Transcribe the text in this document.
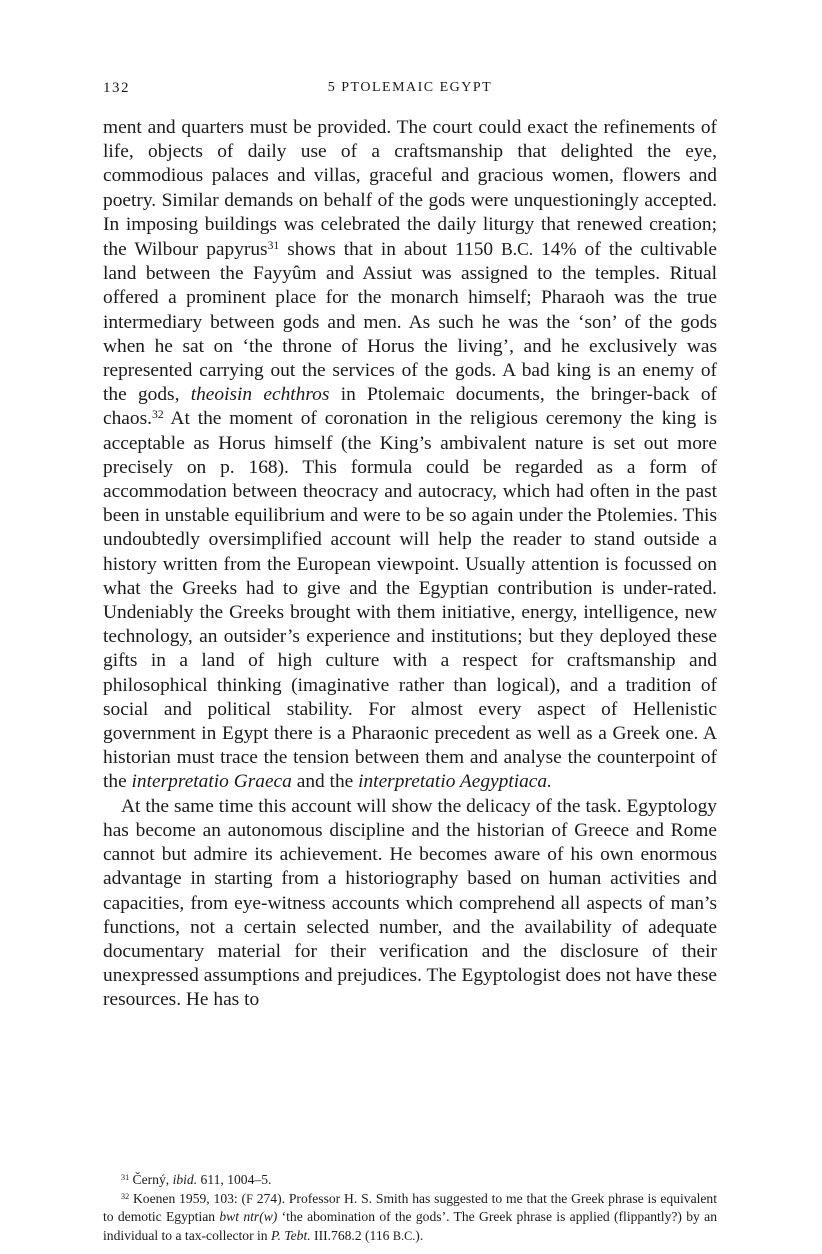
132	5 PTOLEMAIC EGYPT

ment and quarters must be provided. The court could exact the refinements of life, objects of daily use of a craftsmanship that delighted the eye, commodious palaces and villas, graceful and gracious women, flowers and poetry. Similar demands on behalf of the gods were unquestioningly accepted. In imposing buildings was celebrated the daily liturgy that renewed creation; the Wilbour papyrus$^{31}$ shows that in about 1150 B.C. 14% of the cultivable land between the Fayyûm and Assiut was assigned to the temples. Ritual offered a prominent place for the monarch himself; Pharaoh was the true intermediary between gods and men. As such he was the ‘son’ of the gods when he sat on ‘the throne of Horus the living’, and he exclusively was represented carrying out the services of the gods. A bad king is an enemy of the gods, theoisin echthros in Ptolemaic documents, the bringer-back of chaos.$^{32}$ At the moment of coronation in the religious ceremony the king is acceptable as Horus himself (the King’s ambivalent nature is set out more precisely on p. 168). This formula could be regarded as a form of accommodation between theocracy and autocracy, which had often in the past been in unstable equilibrium and were to be so again under the Ptolemies. This undoubtedly oversimplified account will help the reader to stand outside a history written from the European viewpoint. Usually attention is focussed on what the Greeks had to give and the Egyptian contribution is under-rated. Undeniably the Greeks brought with them initiative, energy, intelligence, new technology, an outsider’s experience and institutions; but they deployed these gifts in a land of high culture with a respect for craftsmanship and philosophical thinking (imaginative rather than logical), and a tradition of social and political stability. For almost every aspect of Hellenistic government in Egypt there is a Pharaonic precedent as well as a Greek one. A historian must trace the tension between them and analyse the counterpoint of the interpretatio Graeca and the interpretatio Aegyptiaca.

At the same time this account will show the delicacy of the task. Egyptology has become an autonomous discipline and the historian of Greece and Rome cannot but admire its achievement. He becomes aware of his own enormous advantage in starting from a historiography based on human activities and capacities, from eye-witness accounts which comprehend all aspects of man’s functions, not a certain selected number, and the availability of adequate documentary material for their verification and the disclosure of their unexpressed assumptions and prejudices. The Egyptologist does not have these resources. He has to

$^{31}$ Černý, ibid. 611, 1004–5.

$^{32}$ Koenen 1959, 103: (F 274). Professor H. S. Smith has suggested to me that the Greek phrase is equivalent to demotic Egyptian bwt ntr(w) ‘the abomination of the gods’. The Greek phrase is applied (flippantly?) by an individual to a tax-collector in P. Tebt. III.768.2 (116 B.C.).
